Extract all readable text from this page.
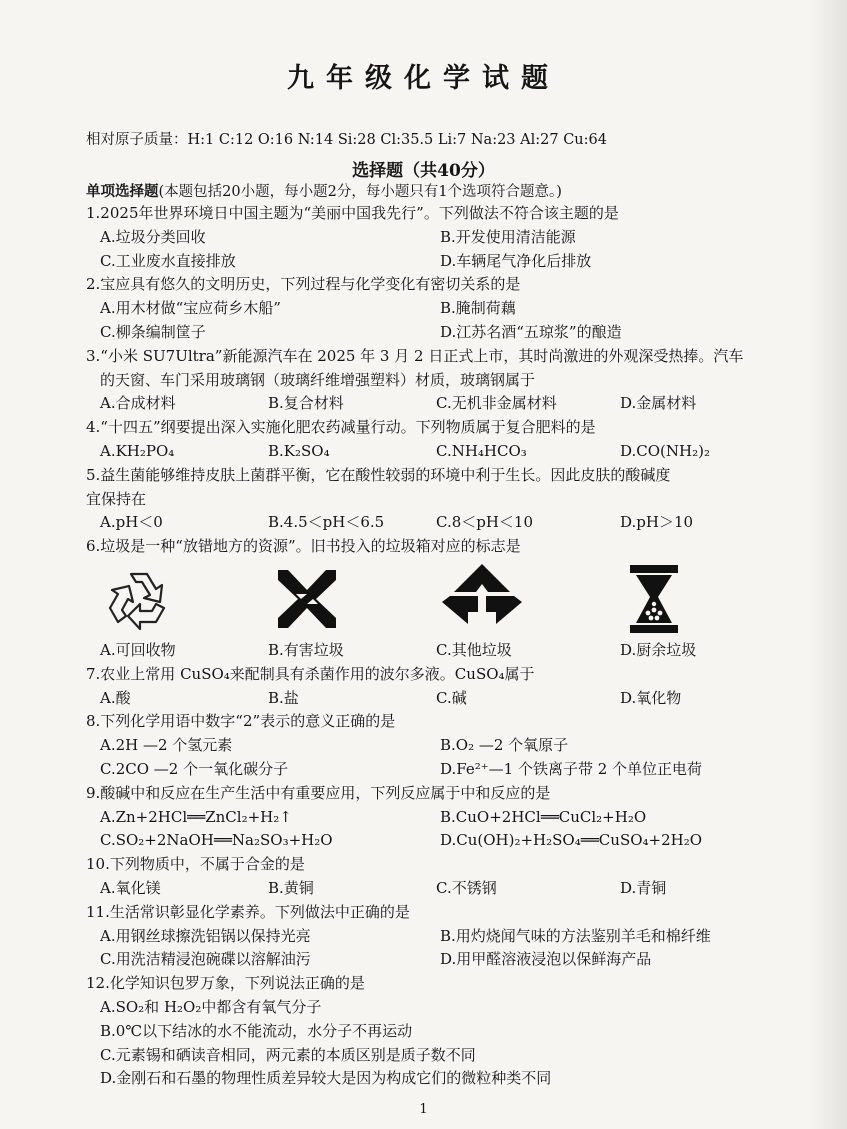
九年级化学试题
相对原子质量：H:1 C:12 O:16 N:14 Si:28 Cl:35.5 Li:7 Na:23 Al:27 Cu:64
选择题（共40分）
单项选择题(本题包括20小题，每小题2分，每小题只有1个选项符合题意。)
1.2025年世界环境日中国主题为“美丽中国我先行”。下列做法不符合该主题的是
A.垃圾分类回收	B.开发使用清洁能源
C.工业废水直接排放	D.车辆尾气净化后排放
2.宝应具有悠久的文明历史，下列过程与化学变化有密切关系的是
A.用木材做“宝应荷乡木船”	B.腌制荷藕
C.柳条编制筐子	D.江苏名酒“五琼浆”的酿造
3.“小米 SU7Ultra”新能源汽车在 2025 年 3 月 2 日正式上市，其时尚激进的外观深受热捧。汽车
的天窗、车门采用玻璃钢（玻璃纤维增强塑料）材质，玻璃钢属于
A.合成材料	B.复合材料	C.无机非金属材料	D.金属材料
4.“十四五”纲要提出深入实施化肥农药减量行动。下列物质属于复合肥料的是
A.KH₂PO₄	B.K₂SO₄	C.NH₄HCO₃	D.CO(NH₂)₂
5.益生菌能够维持皮肤上菌群平衡，它在酸性较弱的环境中利于生长。因此皮肤的酸碱度
宜保持在
A.pH＜0	B.4.5＜pH＜6.5	C.8＜pH＜10	D.pH＞10
6.垃圾是一种“放错地方的资源”。旧书投入的垃圾箱对应的标志是
A.可回收物	B.有害垃圾	C.其他垃圾	D.厨余垃圾
7.农业上常用 CuSO₄来配制具有杀菌作用的波尔多液。CuSO₄属于
A.酸	B.盐	C.碱	D.氧化物
8.下列化学用语中数字“2”表示的意义正确的是
A.2H —2 个氢元素	B.O₂ —2 个氧原子
C.2CO —2 个一氧化碳分子	D.Fe²⁺—1 个铁离子带 2 个单位正电荷
9.酸碱中和反应在生产生活中有重要应用，下列反应属于中和反应的是
A.Zn+2HCl══ZnCl₂+H₂↑	B.CuO+2HCl══CuCl₂+H₂O
C.SO₂+2NaOH══Na₂SO₃+H₂O	D.Cu(OH)₂+H₂SO₄══CuSO₄+2H₂O
10.下列物质中，不属于合金的是
A.氧化镁	B.黄铜	C.不锈钢	D.青铜
11.生活常识彰显化学素养。下列做法中正确的是
A.用钢丝球擦洗铝锅以保持光亮	B.用灼烧闻气味的方法鉴别羊毛和棉纤维
C.用洗洁精浸泡碗碟以溶解油污	D.用甲醛溶液浸泡以保鲜海产品
12.化学知识包罗万象，下列说法正确的是
A.SO₂和 H₂O₂中都含有氧气分子
B.0℃以下结冰的水不能流动，水分子不再运动
C.元素锡和硒读音相同，两元素的本质区别是质子数不同
D.金刚石和石墨的物理性质差异较大是因为构成它们的微粒种类不同
1
